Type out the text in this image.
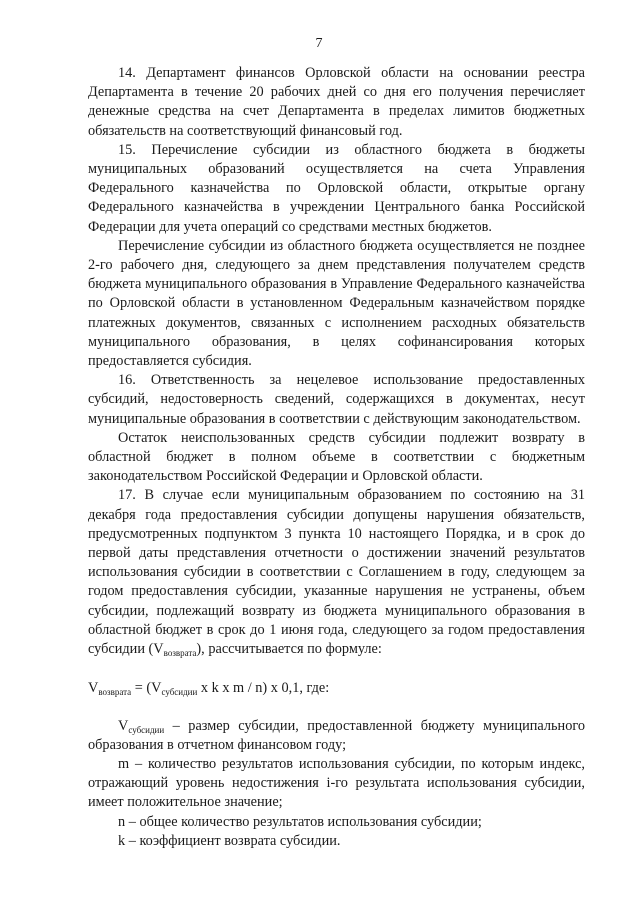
7

14. Департамент финансов Орловской области на основании реестра Департамента в течение 20 рабочих дней со дня его получения перечисляет денежные средства на счет Департамента в пределах лимитов бюджетных обязательств на соответствующий финансовый год.

15. Перечисление субсидии из областного бюджета в бюджеты муниципальных образований осуществляется на счета Управления Федерального казначейства по Орловской области, открытые органу Федерального казначейства в учреждении Центрального банка Российской Федерации для учета операций со средствами местных бюджетов.

Перечисление субсидии из областного бюджета осуществляется не позднее 2-го рабочего дня, следующего за днем представления получателем средств бюджета муниципального образования в Управление Федерального казначейства по Орловской области в установленном Федеральным казначейством порядке платежных документов, связанных с исполнением расходных обязательств муниципального образования, в целях софинансирования которых предоставляется субсидия.

16. Ответственность за нецелевое использование предоставленных субсидий, недостоверность сведений, содержащихся в документах, несут муниципальные образования в соответствии с действующим законодательством.

Остаток неиспользованных средств субсидии подлежит возврату в областной бюджет в полном объеме в соответствии с бюджетным законодательством Российской Федерации и Орловской области.

17. В случае если муниципальным образованием по состоянию на 31 декабря года предоставления субсидии допущены нарушения обязательств, предусмотренных подпунктом 3 пункта 10 настоящего Порядка, и в срок до первой даты представления отчетности о достижении значений результатов использования субсидии в соответствии с Соглашением в году, следующем за годом предоставления субсидии, указанные нарушения не устранены, объем субсидии, подлежащий возврату из бюджета муниципального образования в областной бюджет в срок до 1 июня года, следующего за годом предоставления субсидии $(V_{возврата})$, рассчитывается по формуле:

$V_{возврата} = (V_{субсидии}$ x k x m / n) x 0,1, где:

$V_{субсидии}$ – размер субсидии, предоставленной бюджету муниципального образования в отчетном финансовом году;

m – количество результатов использования субсидии, по которым индекс, отражающий уровень недостижения i-го результата использования субсидии, имеет положительное значение;

n – общее количество результатов использования субсидии;

k – коэффициент возврата субсидии.
